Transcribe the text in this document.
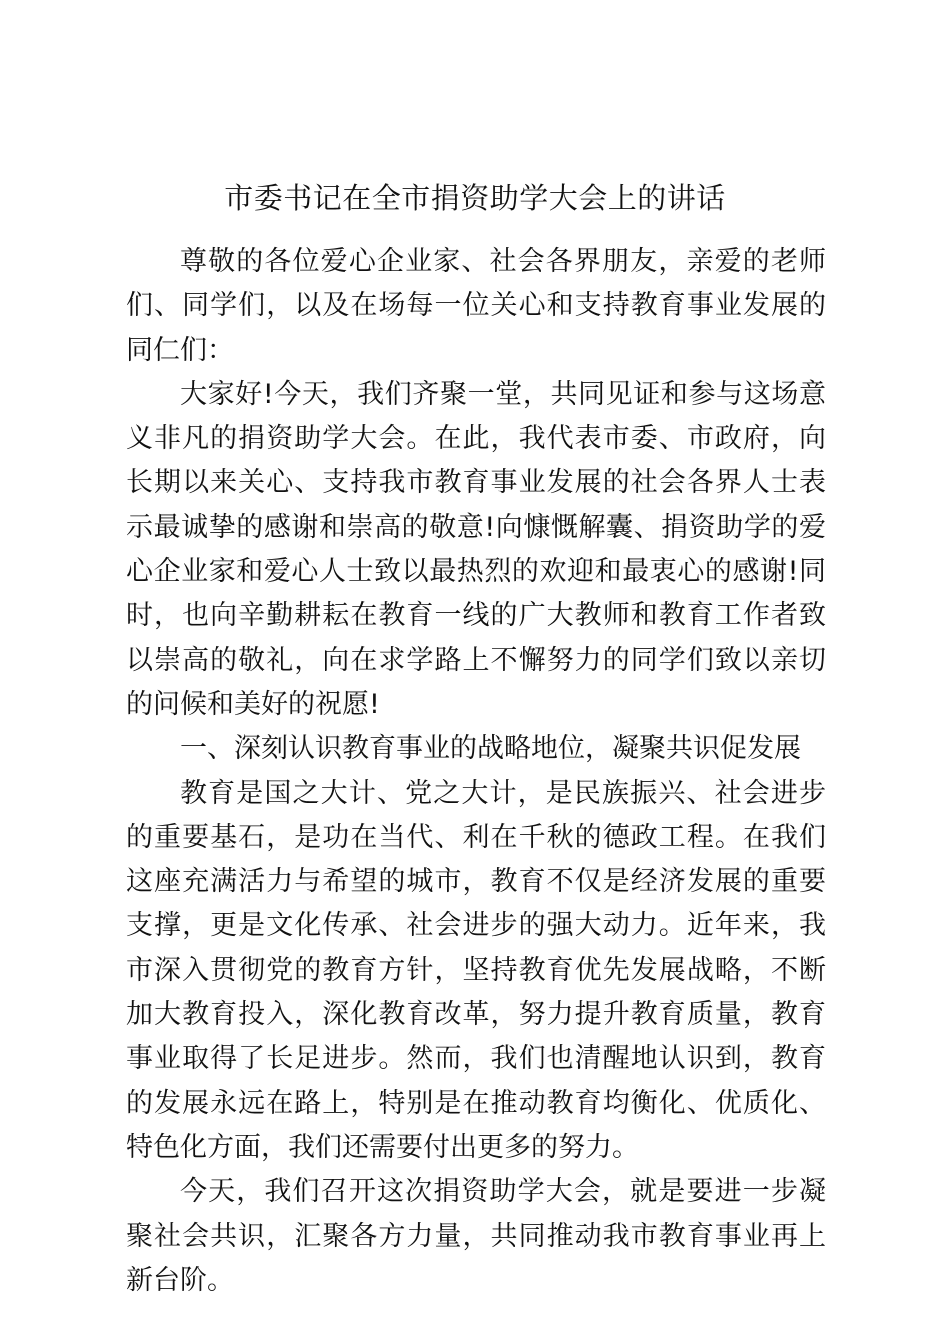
市委书记在全市捐资助学大会上的讲话

尊敬的各位爱心企业家、社会各界朋友，亲爱的老师们、同学们，以及在场每一位关心和支持教育事业发展的同仁们：

大家好!今天，我们齐聚一堂，共同见证和参与这场意义非凡的捐资助学大会。在此，我代表市委、市政府，向长期以来关心、支持我市教育事业发展的社会各界人士表示最诚挚的感谢和崇高的敬意!向慷慨解囊、捐资助学的爱心企业家和爱心人士致以最热烈的欢迎和最衷心的感谢!同时，也向辛勤耕耘在教育一线的广大教师和教育工作者致以崇高的敬礼，向在求学路上不懈努力的同学们致以亲切的问候和美好的祝愿!

一、深刻认识教育事业的战略地位，凝聚共识促发展

教育是国之大计、党之大计，是民族振兴、社会进步的重要基石，是功在当代、利在千秋的德政工程。在我们这座充满活力与希望的城市，教育不仅是经济发展的重要支撑，更是文化传承、社会进步的强大动力。近年来，我市深入贯彻党的教育方针，坚持教育优先发展战略，不断加大教育投入，深化教育改革，努力提升教育质量，教育事业取得了长足进步。然而，我们也清醒地认识到，教育的发展永远在路上，特别是在推动教育均衡化、优质化、特色化方面，我们还需要付出更多的努力。

今天，我们召开这次捐资助学大会，就是要进一步凝聚社会共识，汇聚各方力量，共同推动我市教育事业再上新台阶。
